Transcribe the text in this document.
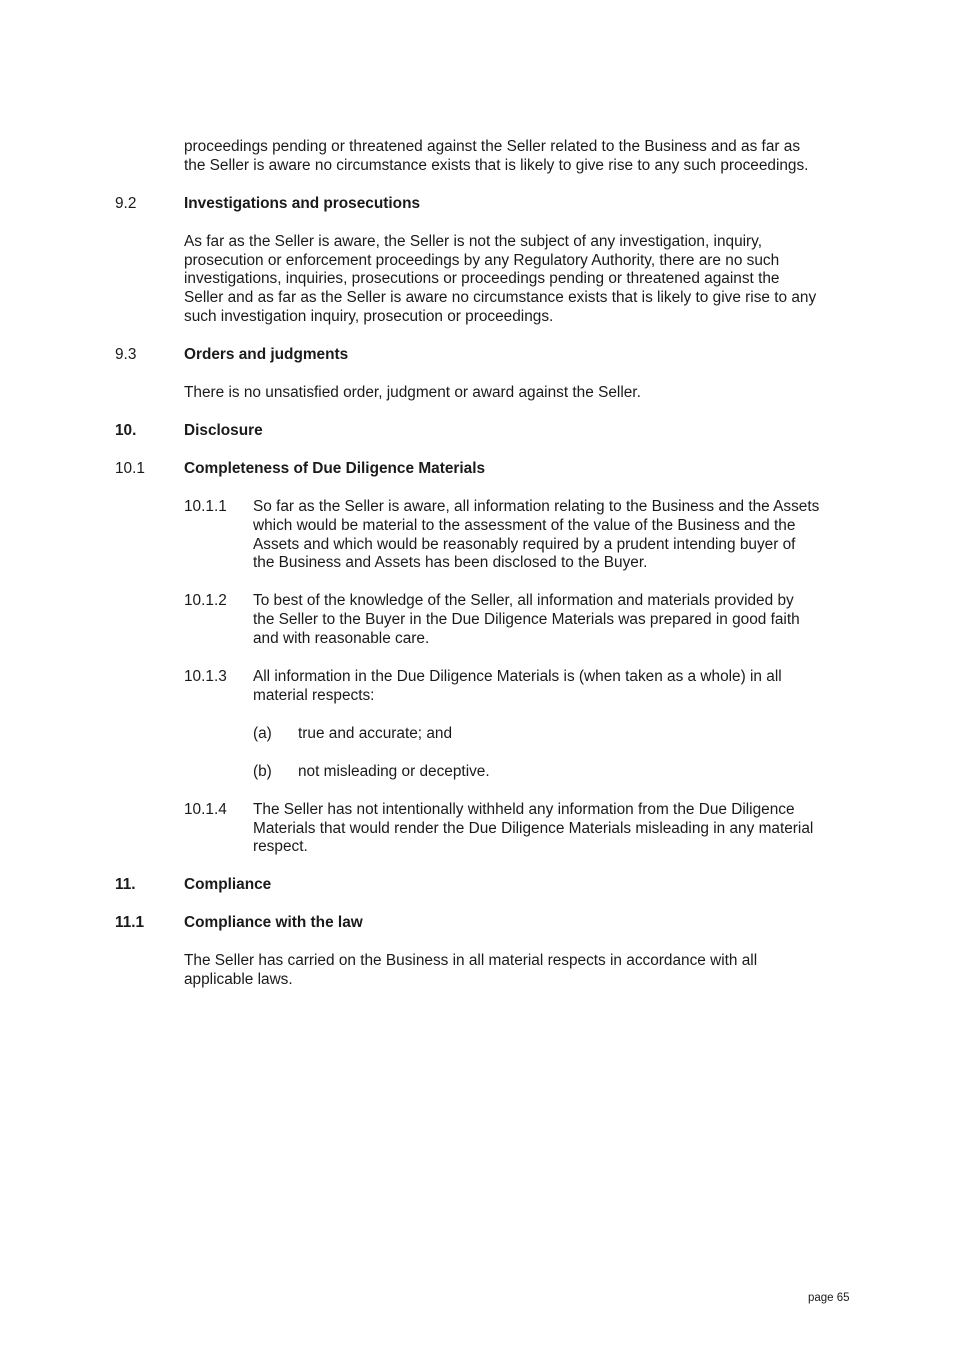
proceedings pending or threatened against the Seller related to the Business and as far as
the Seller is aware no circumstance exists that is likely to give rise to any such proceedings.
9.2	Investigations and prosecutions
As far as the Seller is aware, the Seller is not the subject of any investigation, inquiry,
prosecution or enforcement proceedings by any Regulatory Authority, there are no such
investigations, inquiries, prosecutions or proceedings pending or threatened against the
Seller and as far as the Seller is aware no circumstance exists that is likely to give rise to any
such investigation inquiry, prosecution or proceedings.
9.3	Orders and judgments
There is no unsatisfied order, judgment or award against the Seller.
10.	Disclosure
10.1	Completeness of Due Diligence Materials
10.1.1 So far as the Seller is aware, all information relating to the Business and the Assets
which would be material to the assessment of the value of the Business and the
Assets and which would be reasonably required by a prudent intending buyer of
the Business and Assets has been disclosed to the Buyer.
10.1.2 To best of the knowledge of the Seller, all information and materials provided by
the Seller to the Buyer in the Due Diligence Materials was prepared in good faith
and with reasonable care.
10.1.3 All information in the Due Diligence Materials is (when taken as a whole) in all
material respects:
(a) true and accurate; and
(b) not misleading or deceptive.
10.1.4 The Seller has not intentionally withheld any information from the Due Diligence
Materials that would render the Due Diligence Materials misleading in any material
respect.
11.	Compliance
11.1	Compliance with the law
The Seller has carried on the Business in all material respects in accordance with all
applicable laws.
page 65
